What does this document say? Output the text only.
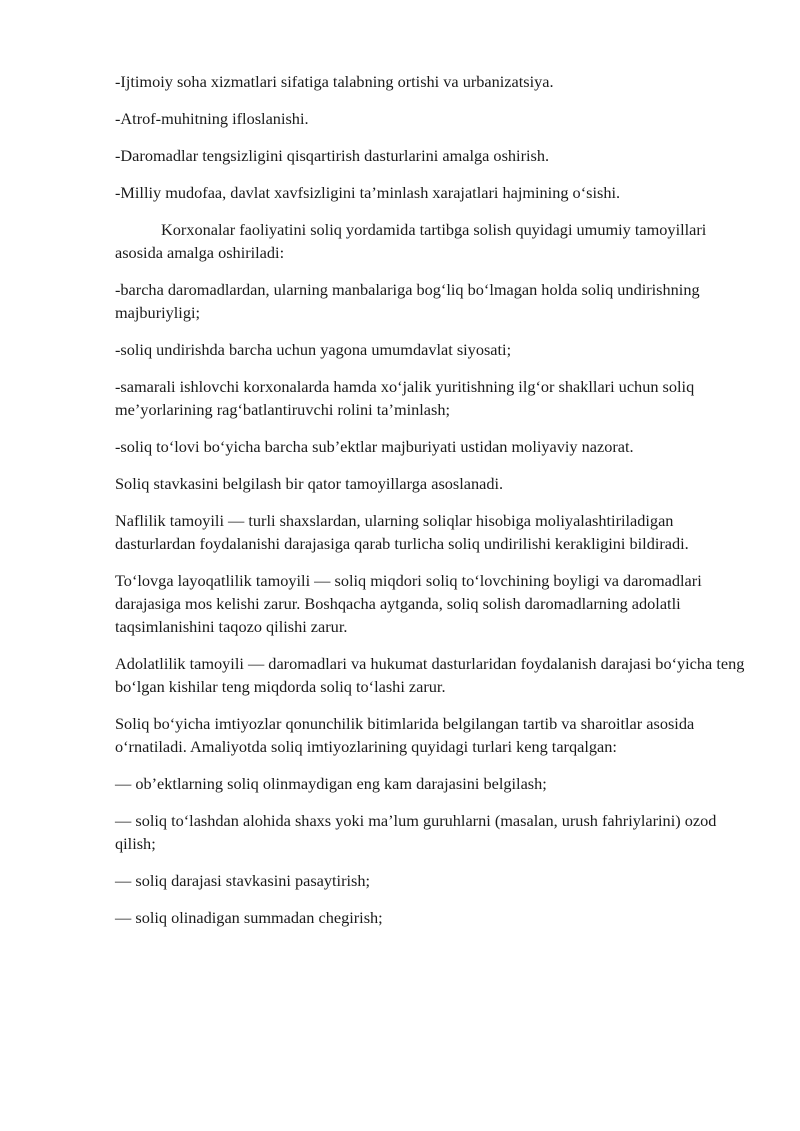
-Ijtimoiy soha xizmatlari sifatiga talabning ortishi va urbanizatsiya.

-Atrof-muhitning ifloslanishi.

-Daromadlar tengsizligini qisqartirish dasturlarini amalga oshirish.

-Milliy mudofaa, davlat xavfsizligini ta’minlash xarajatlari hajmining o‘sishi.

Korxonalar faoliyatini soliq yordamida tartibga solish quyidagi umumiy tamoyillari asosida amalga oshiriladi:

-barcha daromadlardan, ularning manbalariga bog‘liq bo‘lmagan holda soliq undirishning majburiyligi;

-soliq undirishda barcha uchun yagona umumdavlat siyosati;

-samarali ishlovchi korxonalarda hamda xo‘jalik yuritishning ilg‘or shakllari uchun soliq me’yorlarining rag‘batlantiruvchi rolini ta’minlash;

-soliq to‘lovi bo‘yicha barcha sub’ektlar majburiyati ustidan moliyaviy nazorat.

Soliq stavkasini belgilash bir qator tamoyillarga asoslanadi.

Naflilik tamoyili — turli shaxslardan, ularning soliqlar hisobiga moliyalashtiriladigan dasturlardan foydalanishi darajasiga qarab turlicha soliq undirilishi kerakligini bildiradi.

To‘lovga layoqatlilik tamoyili — soliq miqdori soliq to‘lovchining boyligi va daromadlari darajasiga mos kelishi zarur. Boshqacha aytganda, soliq solish daromadlarning adolatli taqsimlanishini taqozo qilishi zarur.

Adolatlilik tamoyili — daromadlari va hukumat dasturlaridan foydalanish darajasi bo‘yicha teng bo‘lgan kishilar teng miqdorda soliq to‘lashi zarur.

Soliq bo‘yicha imtiyozlar qonunchilik bitimlarida belgilangan tartib va sharoitlar asosida o‘rnatiladi. Amaliyotda soliq imtiyozlarining quyidagi turlari keng tarqalgan:

— ob’ektlarning soliq olinmaydigan eng kam darajasini belgilash;

— soliq to‘lashdan alohida shaxs yoki ma’lum guruhlarni (masalan, urush fahriylarini) ozod qilish;

— soliq darajasi stavkasini pasaytirish;

— soliq olinadigan summadan chegirish;
